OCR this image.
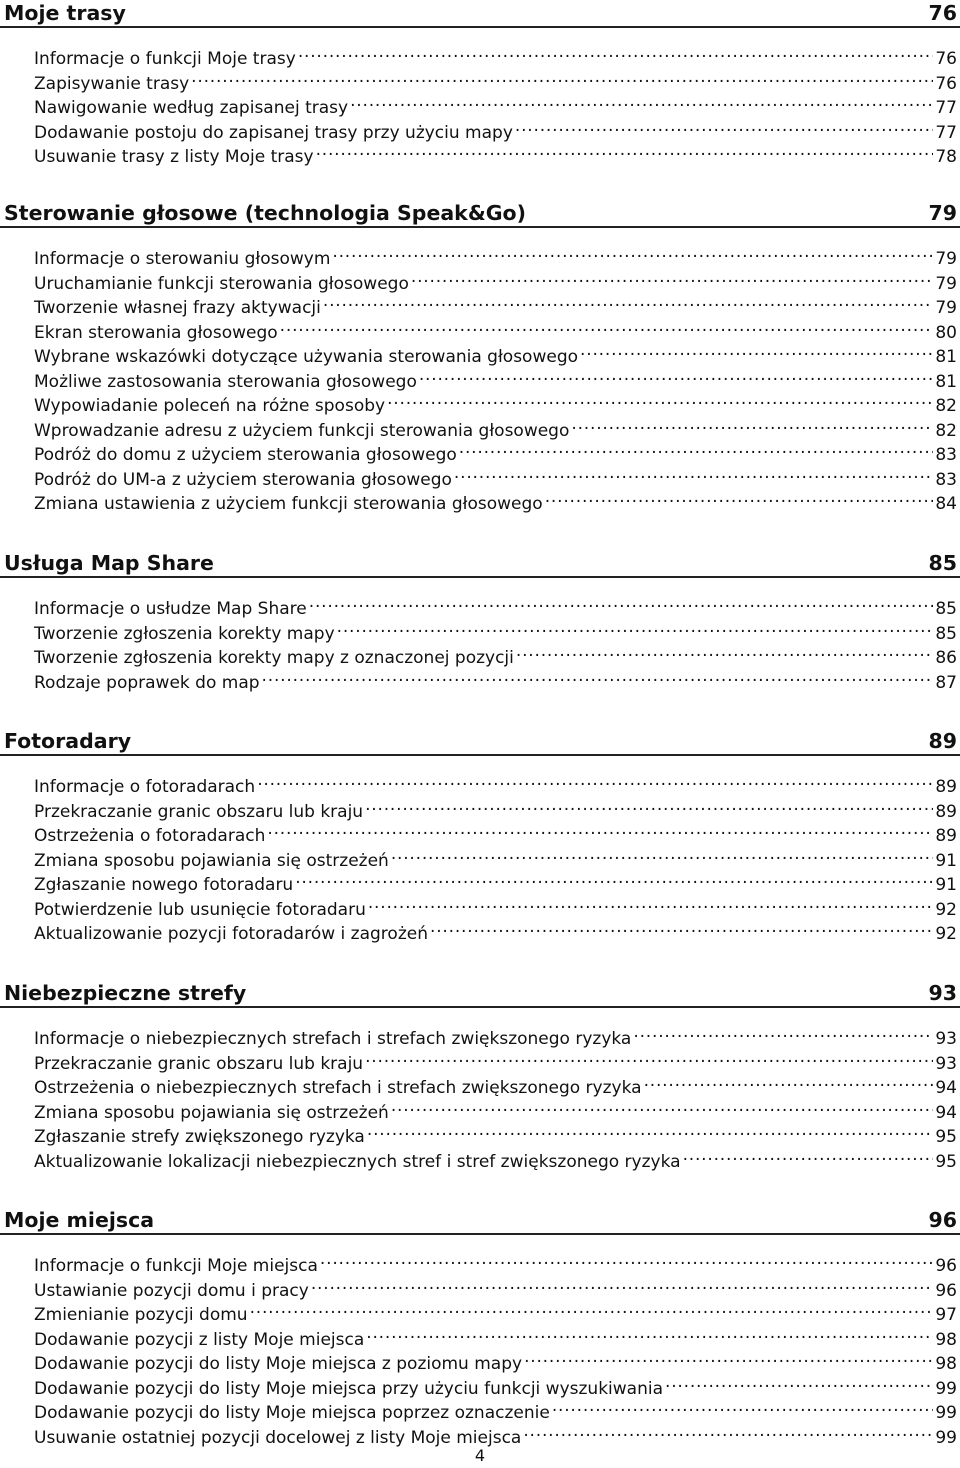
Moje trasy	76
Informacje o funkcji Moje trasy . . .	76
Zapisywanie trasy . . .	76
Nawigowanie według zapisanej trasy . . .	77
Dodawanie postoju do zapisanej trasy przy użyciu mapy . . .	77
Usuwanie trasy z listy Moje trasy . . .	78
Sterowanie głosowe (technologia Speak&Go)	79
Informacje o sterowaniu głosowym . . .	79
Uruchamianie funkcji sterowania głosowego . . .	79
Tworzenie własnej frazy aktywacji . . .	79
Ekran sterowania głosowego . . .	80
Wybrane wskazówki dotyczące używania sterowania głosowego . . .	81
Możliwe zastosowania sterowania głosowego . . .	81
Wypowiadanie poleceń na różne sposoby . . .	82
Wprowadzanie adresu z użyciem funkcji sterowania głosowego . . .	82
Podróż do domu z użyciem sterowania głosowego . . .	83
Podróż do UM-a z użyciem sterowania głosowego . . .	83
Zmiana ustawienia z użyciem funkcji sterowania głosowego . . .	84
Usługa Map Share	85
Informacje o usłudze Map Share . . .	85
Tworzenie zgłoszenia korekty mapy . . .	85
Tworzenie zgłoszenia korekty mapy z oznaczonej pozycji . . .	86
Rodzaje poprawek do map . . .	87
Fotoradary	89
Informacje o fotoradarach . . .	89
Przekraczanie granic obszaru lub kraju . . .	89
Ostrzeżenia o fotoradarach . . .	89
Zmiana sposobu pojawiania się ostrzeżeń . . .	91
Zgłaszanie nowego fotoradaru . . .	91
Potwierdzenie lub usunięcie fotoradaru . . .	92
Aktualizowanie pozycji fotoradarów i zagrożeń . . .	92
Niebezpieczne strefy	93
Informacje o niebezpiecznych strefach i strefach zwiększonego ryzyka . . .	93
Przekraczanie granic obszaru lub kraju . . .	93
Ostrzeżenia o niebezpiecznych strefach i strefach zwiększonego ryzyka . . .	94
Zmiana sposobu pojawiania się ostrzeżeń . . .	94
Zgłaszanie strefy zwiększonego ryzyka . . .	95
Aktualizowanie lokalizacji niebezpiecznych stref i stref zwiększonego ryzyka . . .	95
Moje miejsca	96
Informacje o funkcji Moje miejsca . . .	96
Ustawianie pozycji domu i pracy . . .	96
Zmienianie pozycji domu . . .	97
Dodawanie pozycji z listy Moje miejsca . . .	98
Dodawanie pozycji do listy Moje miejsca z poziomu mapy . . .	98
Dodawanie pozycji do listy Moje miejsca przy użyciu funkcji wyszukiwania . . .	99
Dodawanie pozycji do listy Moje miejsca poprzez oznaczenie . . .	99
Usuwanie ostatniej pozycji docelowej z listy Moje miejsca . . .	99
4
